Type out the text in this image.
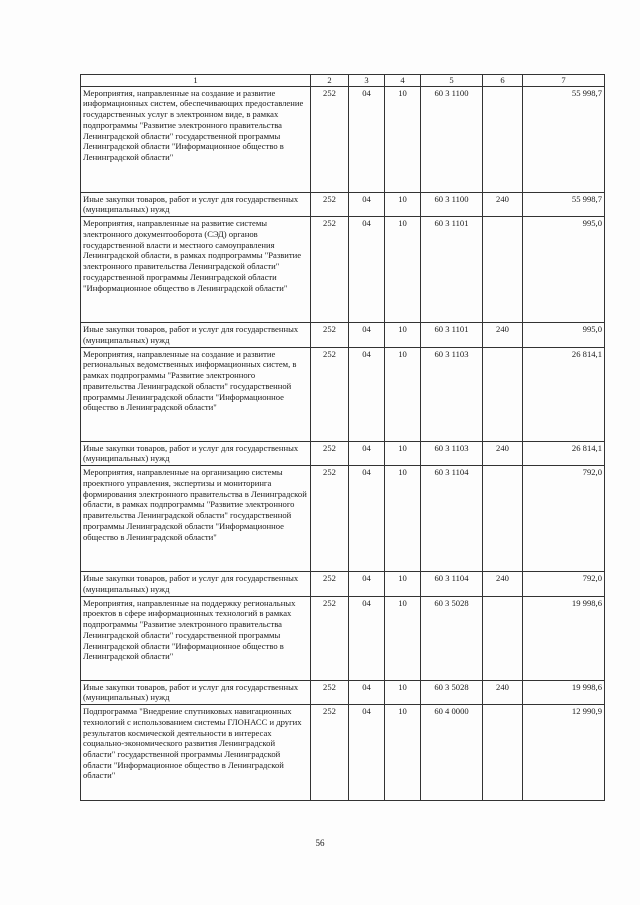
1	2	3	4	5	6	7
Мероприятия, направленные на создание и развитие информационных систем, обеспечивающих предоставление государственных услуг в электронном виде, в рамках подпрограммы "Развитие электронного правительства Ленинградской области" государственной программы Ленинградской области "Информационное общество в Ленинградской области"	252	04	10	60 3 1100		55 998,7
Иные закупки товаров, работ и услуг для государственных (муниципальных) нужд	252	04	10	60 3 1100	240	55 998,7
Мероприятия, направленные на развитие системы электронного документооборота (СЭД) органов государственной власти и местного самоуправления Ленинградской области, в рамках подпрограммы "Развитие электронного правительства Ленинградской области" государственной программы Ленинградской области "Информационное общество в Ленинградской области"	252	04	10	60 3 1101		995,0
Иные закупки товаров, работ и услуг для государственных (муниципальных) нужд	252	04	10	60 3 1101	240	995,0
Мероприятия, направленные на создание и развитие региональных ведомственных информационных систем, в рамках подпрограммы "Развитие электронного правительства Ленинградской области" государственной программы Ленинградской области "Информационное общество в Ленинградской области"	252	04	10	60 3 1103		26 814,1
Иные закупки товаров, работ и услуг для государственных (муниципальных) нужд	252	04	10	60 3 1103	240	26 814,1
Мероприятия, направленные на организацию системы проектного управления, экспертизы и мониторинга формирования электронного правительства в Ленинградской области, в рамках подпрограммы "Развитие электронного правительства Ленинградской области" государственной программы Ленинградской области "Информационное общество в Ленинградской области"	252	04	10	60 3 1104		792,0
Иные закупки товаров, работ и услуг для государственных (муниципальных) нужд	252	04	10	60 3 1104	240	792,0
Мероприятия, направленные на поддержку региональных проектов в сфере информационных технологий в рамках подпрограммы "Развитие электронного правительства Ленинградской области" государственной программы Ленинградской области "Информационное общество в Ленинградской области"	252	04	10	60 3 5028		19 998,6
Иные закупки товаров, работ и услуг для государственных (муниципальных) нужд	252	04	10	60 3 5028	240	19 998,6
Подпрограмма "Внедрение спутниковых навигационных технологий с использованием системы ГЛОНАСС и других результатов космической деятельности в интересах социально-экономического развития Ленинградской области" государственной программы Ленинградской области "Информационное общество в Ленинградской области"	252	04	10	60 4 0000		12 990,9
56
